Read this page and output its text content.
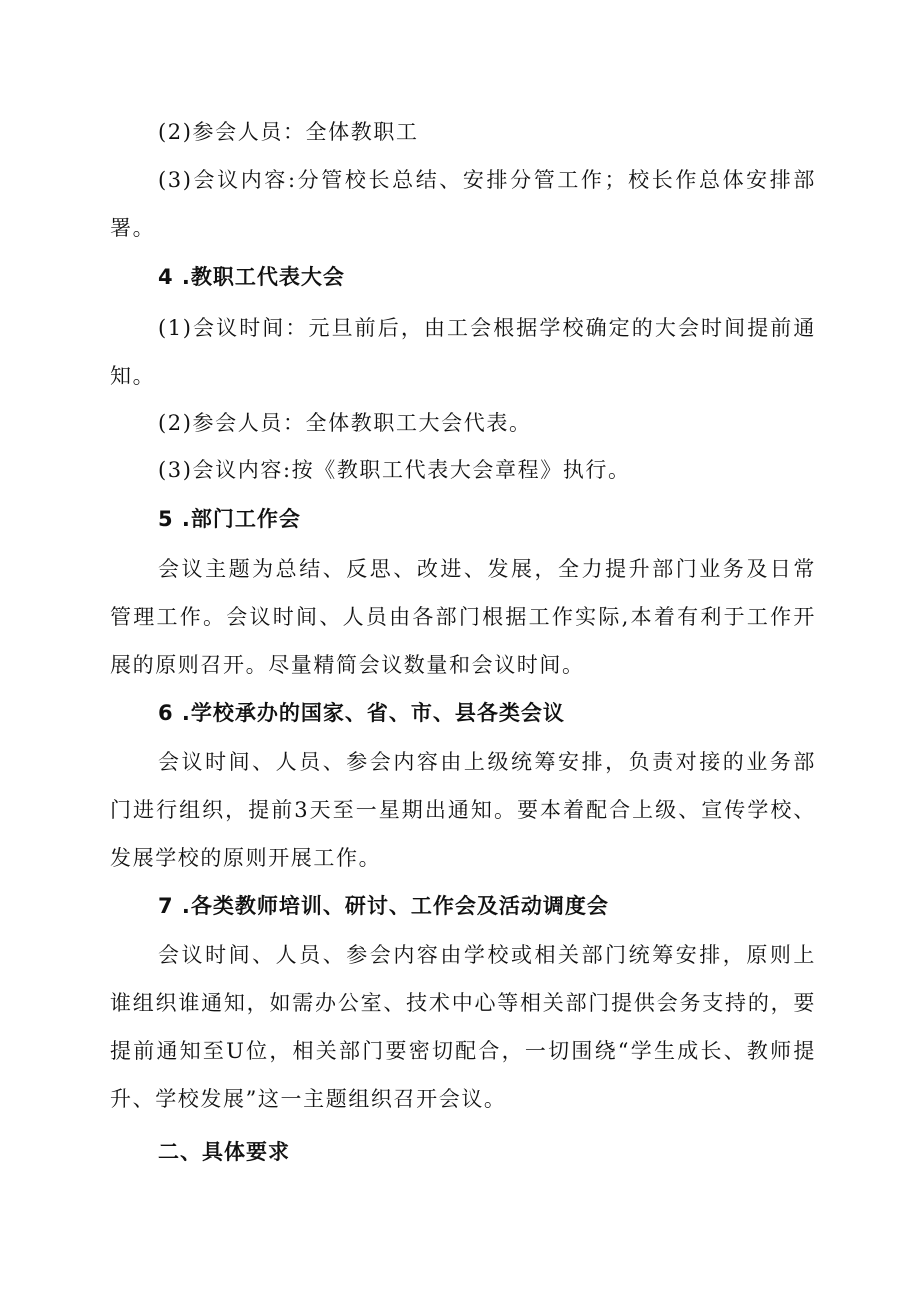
(2)参会人员：全体教职工
(3)会议内容:分管校长总结、安排分管工作；校长作总体安排部
署。
4 .教职工代表大会
(1)会议时间：元旦前后，由工会根据学校确定的大会时间提前通
知。
(2)参会人员：全体教职工大会代表。
(3)会议内容:按《教职工代表大会章程》执行。
5 .部门工作会
会议主题为总结、反思、改进、发展，全力提升部门业务及日常
管理工作。会议时间、人员由各部门根据工作实际,本着有利于工作开
展的原则召开。尽量精简会议数量和会议时间。
6 .学校承办的国家、省、市、县各类会议
会议时间、人员、参会内容由上级统筹安排，负责对接的业务部
门进行组织，提前3天至一星期出通知。要本着配合上级、宣传学校、
发展学校的原则开展工作。
7 .各类教师培训、研讨、工作会及活动调度会
会议时间、人员、参会内容由学校或相关部门统筹安排，原则上
谁组织谁通知，如需办公室、技术中心等相关部门提供会务支持的，要
提前通知至U位，相关部门要密切配合，一切围绕“学生成长、教师提
升、学校发展”这一主题组织召开会议。
二、具体要求
